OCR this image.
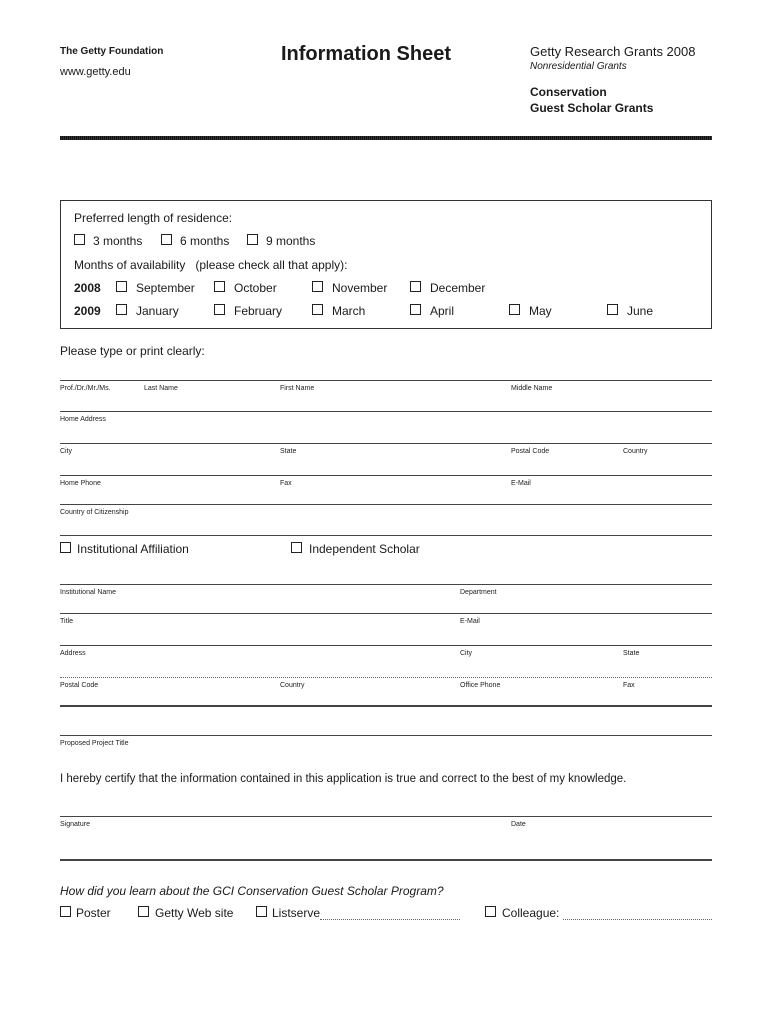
The Getty Foundation
www.getty.edu
Information Sheet	Getty Research Grants 2008
Nonresidential Grants
Conservation
Guest Scholar Grants
Preferred length of residence:
3 months	6 months	9 months
Months of availability   (please check all that apply):
2008	September	October	November	December
2009	January	February	March	April	May	June
Please type or print clearly:
Prof./Dr./Mr./Ms.	Last Name	First Name	Middle Name
Home Address
City	State	Postal Code	Country
Home Phone	Fax	E-Mail
Country of Citizenship
Institutional Affiliation	Independent Scholar
Institutional Name	Department
Title	E-Mail
Address	City	State
Postal Code	Country	Office Phone	Fax
Proposed Project Title
I hereby certify that the information contained in this application is true and correct to the best of my knowledge.
Signature	Date
How did you learn about the GCI Conservation Guest Scholar Program?
Poster	Getty Web site	Listserve	Colleague:
